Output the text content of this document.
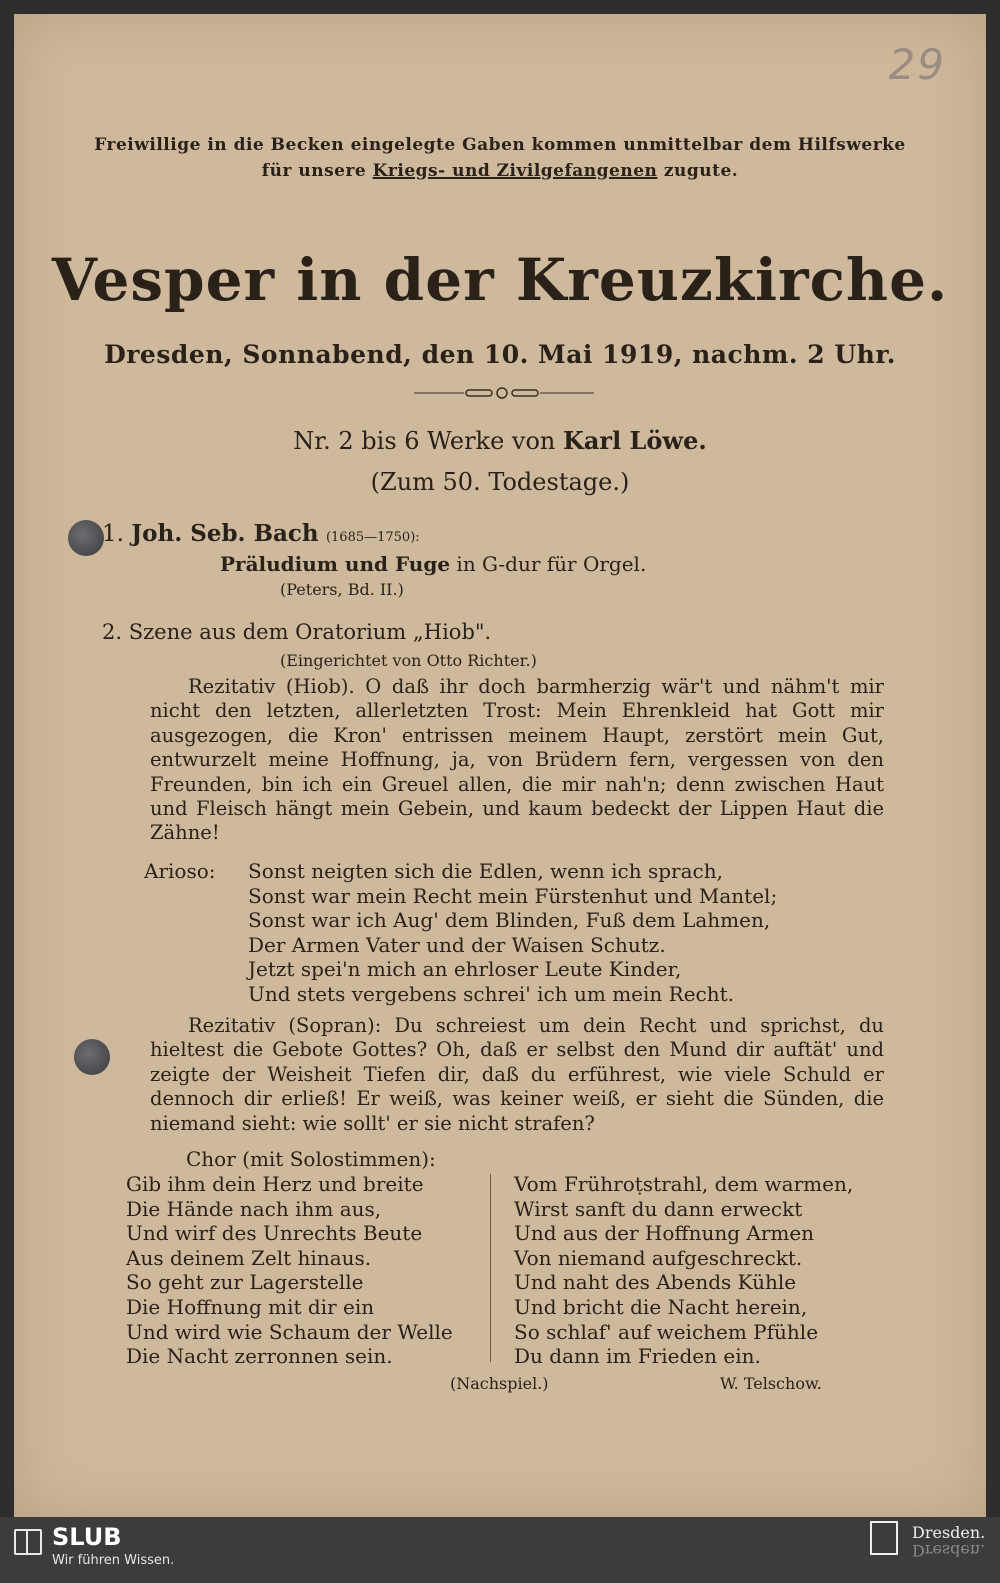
29
Freiwillige in die Becken eingelegte Gaben kommen unmittelbar dem Hilfswerke
für unsere Kriegs- und Zivilgefangenen zugute.
Vesper in der Kreuzkirche.
Dresden, Sonnabend, den 10. Mai 1919, nachm. 2 Uhr.
Nr. 2 bis 6 Werke von Karl Löwe.
(Zum 50. Todestage.)
1. Joh. Seb. Bach (1685—1750):
Präludium und Fuge in G-dur für Orgel.
(Peters, Bd. II.)
2. Szene aus dem Oratorium „Hiob".
(Eingerichtet von Otto Richter.)
Rezitativ (Hiob). O daß ihr doch barmherzig wär't und nähm't mir nicht den letzten, allerletzten Trost: Mein Ehrenkleid hat Gott mir ausgezogen, die Kron' entrissen meinem Haupt, zerstört mein Gut, entwurzelt meine Hoffnung, ja, von Brüdern fern, vergessen von den Freunden, bin ich ein Greuel allen, die mir nah'n; denn zwischen Haut und Fleisch hängt mein Gebein, und kaum bedeckt der Lippen Haut die Zähne!
Arioso: Sonst neigten sich die Edlen, wenn ich sprach,
Sonst war mein Recht mein Fürstenhut und Mantel;
Sonst war ich Aug' dem Blinden, Fuß dem Lahmen,
Der Armen Vater und der Waisen Schutz.
Jetzt spei'n mich an ehrloser Leute Kinder,
Und stets vergebens schrei' ich um mein Recht.
Rezitativ (Sopran): Du schreiest um dein Recht und sprichst, du hieltest die Gebote Gottes? Oh, daß er selbst den Mund dir auftät' und zeigte der Weisheit Tiefen dir, daß du erführest, wie viele Schuld er dennoch dir erließ! Er weiß, was keiner weiß, er sieht die Sünden, die niemand sieht: wie sollt' er sie nicht strafen?
Chor (mit Solostimmen):
Gib ihm dein Herz und breite
Die Hände nach ihm aus,
Und wirf des Unrechts Beute
Aus deinem Zelt hinaus.
So geht zur Lagerstelle
Die Hoffnung mit dir ein
Und wird wie Schaum der Welle
Die Nacht zerronnen sein.
Vom Frühroṭstrahl, dem warmen,
Wirst sanft du dann erweckt
Und aus der Hoffnung Armen
Von niemand aufgeschreckt.
Und naht des Abends Kühle
Und bricht die Nacht herein,
So schlaf' auf weichem Pfühle
Du dann im Frieden ein.
(Nachspiel.)	W. Telschow.
SLUB
Wir führen Wissen.
Dresden.
Dresden.
